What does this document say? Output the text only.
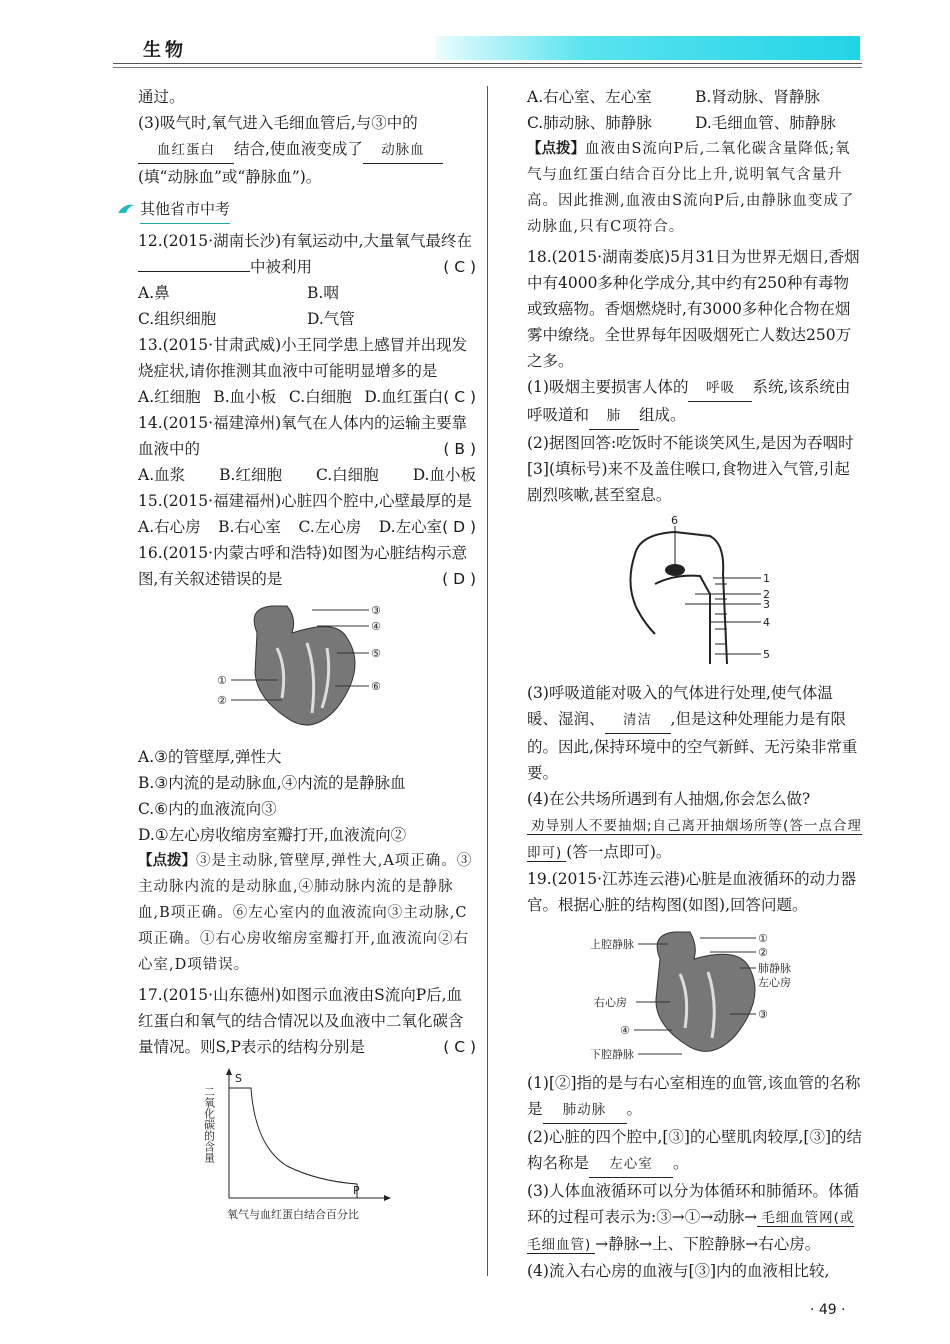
生物

通过。

(3)吸气时,氧气进入毛细血管后,与③中的血红蛋白 结合,使血液变成了 动脉血(填“动脉血”或“静脉血”)。

其他省市中考

12.(2015·湖南长沙)有氧运动中,大量氧气最终在中被利用	( C )

A.鼻	B.咽
C.组织细胞	D.气管

13.(2015·甘肃武威)小王同学患上感冒并出现发烧症状,请你推测其血液中可能明显增多的是

( C )

A.红细胞 B.血小板 C.白细胞 D.血红蛋白

14.(2015·福建漳州)氧气在人体内的运输主要靠血液中的	( B )

A.血浆 B.红细胞 C.白细胞 D.血小板

15.(2015·福建福州)心脏四个腔中,心壁最厚的是
( D )

A.右心房 B.右心室 C.左心房 D.左心室

16.(2015·内蒙古呼和浩特)如图为心脏结构示意图,有关叙述错误的是	( D )

③
④
⑤
⑥
①
②

A.③的管壁厚,弹性大

B.③内流的是动脉血,④内流的是静脉血

C.⑥内的血液流向③

D.①左心房收缩房室瓣打开,血液流向②

【点拨】③是主动脉,管壁厚,弹性大,A项正确。③主动脉内流的是动脉血,④肺动脉内流的是静脉血,B项正确。⑥左心室内的血液流向③主动脉,C项正确。①右心房收缩房室瓣打开,血液流向②右心室,D项错误。

17.(2015·山东德州)如图示血液由S流向P后,血红蛋白和氧气的结合情况以及血液中二氧化碳含量情况。则S,P表示的结构分别是	( C )

二氧化碳的含量
S
P
氧气与血红蛋白结合百分比
A.右心室、左心室	B.肾动脉、肾静脉
C.肺动脉、肺静脉	D.毛细血管、肺静脉

【点拨】血液由S流向P后,二氧化碳含量降低;氧气与血红蛋白结合百分比上升,说明氧气含量升高。因此推测,血液由S流向P后,由静脉血变成了动脉血,只有C项符合。

18.(2015·湖南娄底)5月31日为世界无烟日,香烟中有4000多种化学成分,其中约有250种有毒物或致癌物。香烟燃烧时,有3000多种化合物在烟雾中缭绕。全世界每年因吸烟死亡人数达250万之多。

(1)吸烟主要损害人体的 呼吸 系统,该系统由呼吸道和 肺 组成。

(2)据图回答:吃饭时不能谈笑风生,是因为吞咽时[3](填标号)来不及盖住喉口,食物进入气管,引起剧烈咳嗽,甚至窒息。

6
1
2
3
4
5

(3)呼吸道能对吸入的气体进行处理,使气体温暖、湿润、 清洁 ,但是这种处理能力是有限的。因此,保持环境中的空气新鲜、无污染非常重要。

(4)在公共场所遇到有人抽烟,你会怎么做?

劝导别人不要抽烟;自己离开抽烟场所等(答一点合理即可) (答一点即可)。

19.(2015·江苏连云港)心脏是血液循环的动力器官。根据心脏的结构图(如图),回答问题。

上腔静脉	①
②
肺静脉
左心房
右心房
③
④
下腔静脉

(1)[②]指的是与右心室相连的血管,该血管的名称是 肺动脉 。

(2)心脏的四个腔中,[③]的心壁肌肉较厚,[③]的结构名称是 左心室 。

(3)人体血液循环可以分为体循环和肺循环。体循环的过程可表示为:③→①→动脉→ 毛细血管网(或毛细血管) →静脉→上、下腔静脉→右心房。

(4)流入右心房的血液与[③]内的血液相比较,

· 49 ·
